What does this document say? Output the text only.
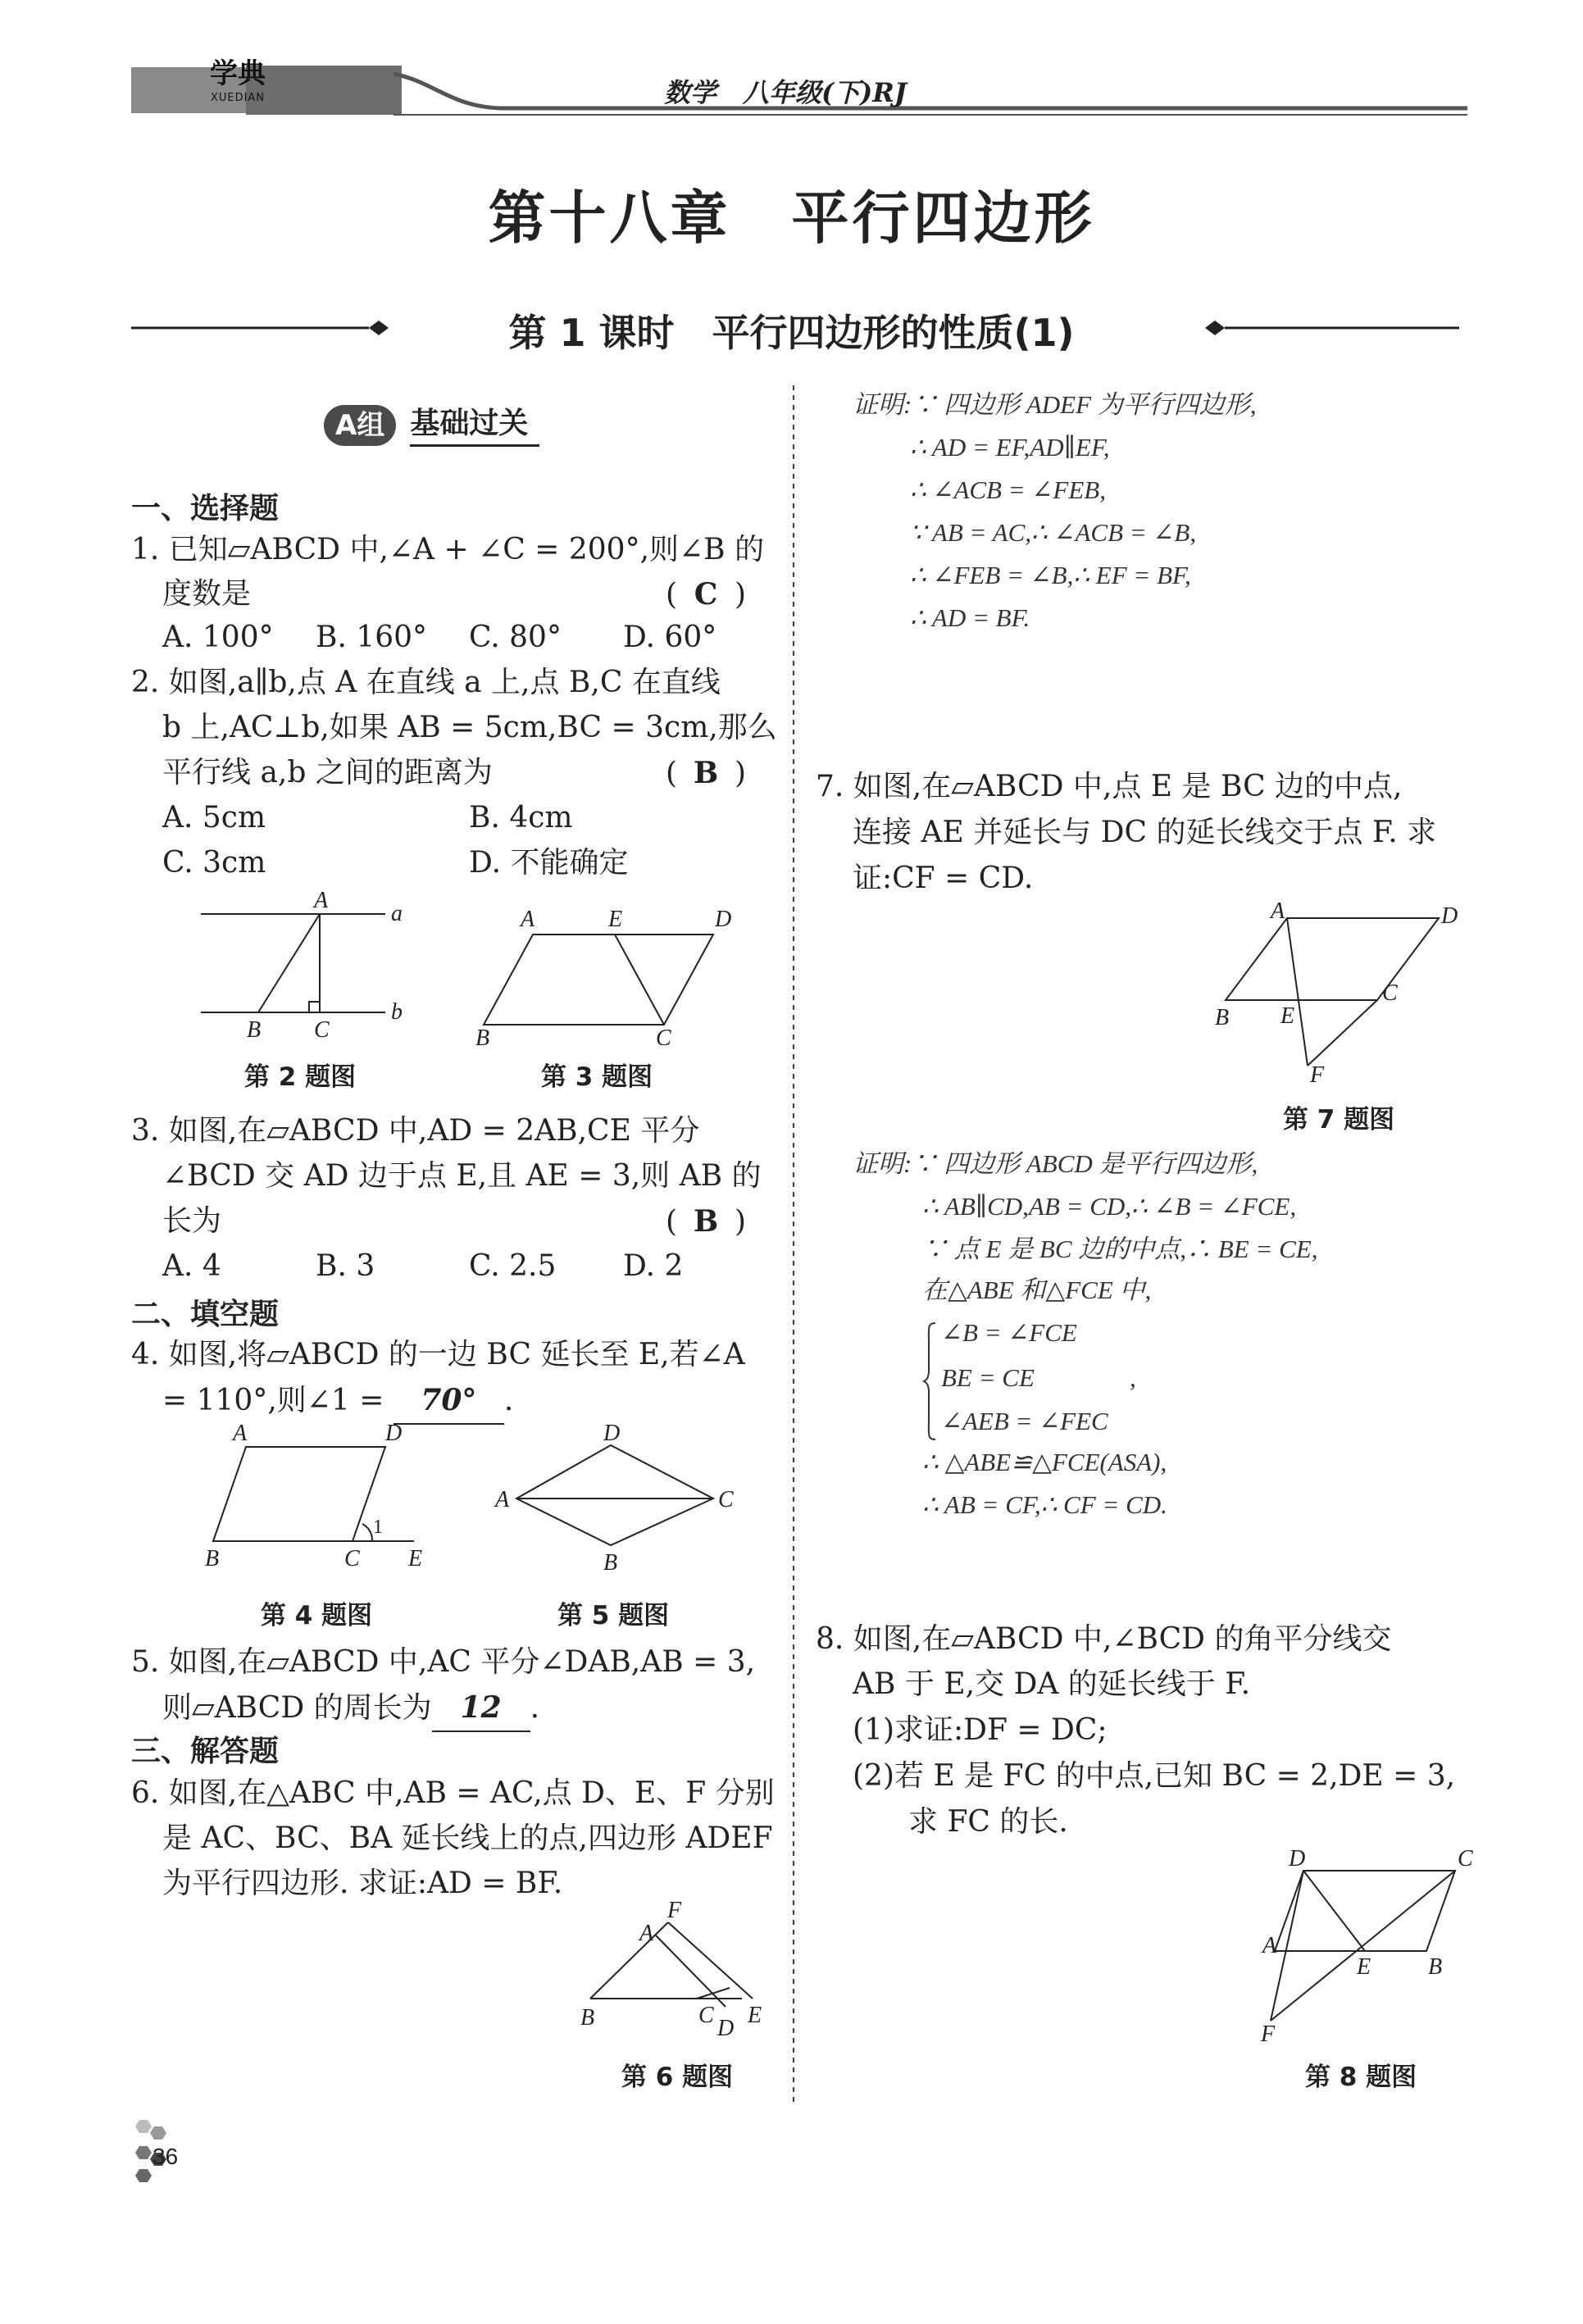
学典
XUEDIAN	数学　八年级(下)RJ
第十八章　平行四边形
第 1 课时　平行四边形的性质(1)
A组 基础过关
一、选择题
1. 已知▱ABCD 中,∠A + ∠C = 200°,则∠B 的
度数是	( C )
A. 100° B. 160° C. 80° D. 60°
2. 如图,a∥b,点 A 在直线 a 上,点 B,C 在直线
b 上,AC⊥b,如果 AB = 5cm,BC = 3cm,那么
平行线 a,b 之间的距离为	( B )
A. 5cm	B. 4cm
C. 3cm	D. 不能确定
A
a
b
B C
第 2 题图
A	E	D
B	C
第 3 题图
3. 如图,在▱ABCD 中,AD = 2AB,CE 平分
∠BCD 交 AD 边于点 E,且 AE = 3,则 AB 的
长为	( B )
A. 4	B. 3	C. 2.5 D. 2
二、填空题
4. 如图,将▱ABCD 的一边 BC 延长至 E,若∠A
= 110°,则∠1 = 70° .
A	D
B	C E
1
第 4 题图
D
A	C
B
第 5 题图
5. 如图,在▱ABCD 中,AC 平分∠DAB,AB = 3,
则▱ABCD 的周长为 12 .
三、解答题
6. 如图,在△ABC 中,AB = AC,点 D、E、F 分别
是 AC、BC、BA 延长线上的点,四边形 ADEF
为平行四边形. 求证:AD = BF.
F
A
B	C
D
E
第 6 题图
36
证明:∵ 四边形 ADEF 为平行四边形,
∴ AD = EF,AD∥EF,
∴ ∠ACB = ∠FEB,
∵ AB = AC,∴ ∠ACB = ∠B,
∴ ∠FEB = ∠B,∴ EF = BF,
∴ AD = BF.
7. 如图,在▱ABCD 中,点 E 是 BC 边的中点,
连接 AE 并延长与 DC 的延长线交于点 F. 求
证:CF = CD.
A	D
B E
C
F
第 7 题图
证明:∵ 四边形 ABCD 是平行四边形,
∴ AB∥CD,AB = CD,∴ ∠B = ∠FCE,
∵ 点 E 是 BC 边的中点,∴ BE = CE,
在△ABE 和△FCE 中,
∠B = ∠FCE
BE = CE	,
∠AEB = ∠FEC
∴ △ABE≌△FCE(ASA),
∴ AB = CF,∴ CF = CD.
8. 如图,在▱ABCD 中,∠BCD 的角平分线交
AB 于 E,交 DA 的延长线于 F.
(1)求证:DF = DC;
(2)若 E 是 FC 的中点,已知 BC = 2,DE = 3,
求 FC 的长.
D	C
A
E B
F
第 8 题图
